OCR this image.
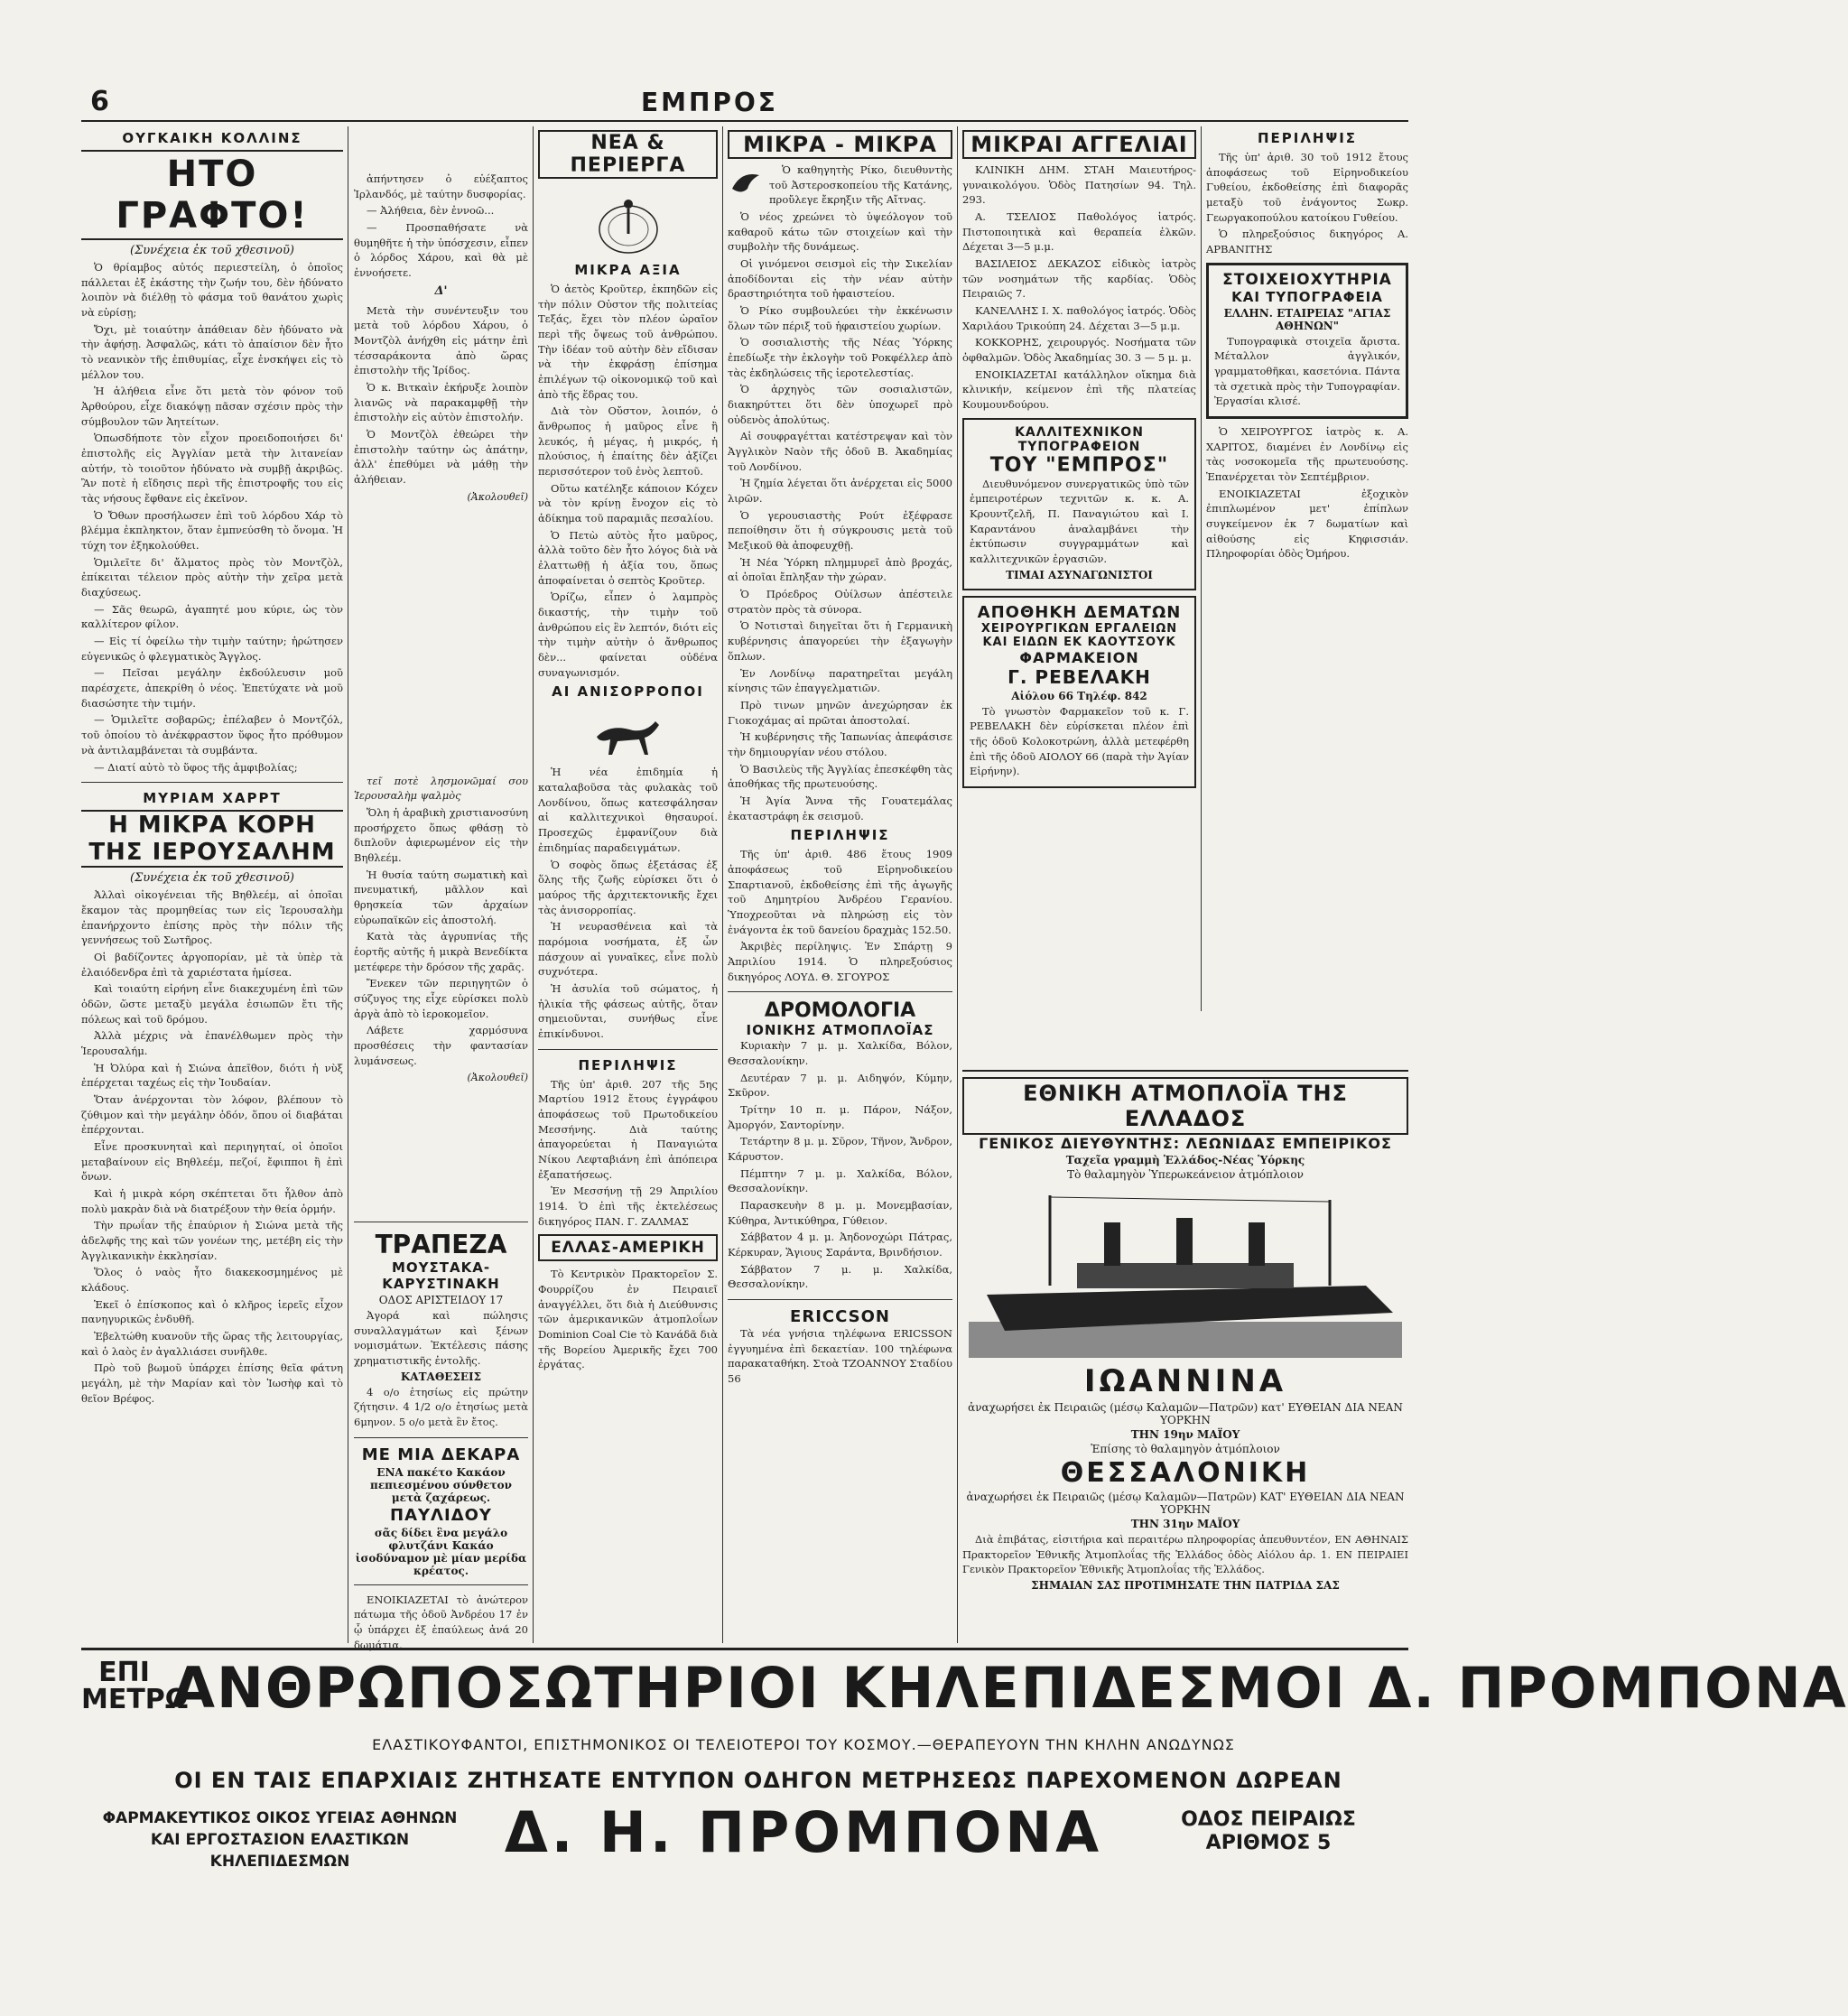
6	ΕΜΠΡΟΣ
ΟΥΓΚΑΙΚΗ ΚΟΛΛΙΝΣ
ΗΤΟ ΓΡΑΦΤΟ!
(Συνέχεια ἐκ τοῦ χθεσινοῦ)

Ὁ θρίαμβος αὐτός περιεστείλη, ὁ ὁποῖος πάλλεται ἐξ ἐκάστης τὴν ζωήν του, δὲν ἠδύνατο λοιπὸν νὰ διέλθῃ τὸ φάσμα τοῦ θανάτου χωρὶς νὰ εὑρίσῃ;

Ὄχι, μὲ τοιαύτην ἀπάθειαν δὲν ἠδύνατο νὰ τὴν ἀφήσῃ. Ἀσφαλῶς, κάτι τὸ ἀπαίσιον δὲν ἦτο τὸ νεανικὸν τῆς ἐπιθυμίας, εἶχε ἐνσκήψει εἰς τὸ μέλλον του.

Ἡ ἀλήθεια εἶνε ὅτι μετὰ τὸν φόνον τοῦ Ἀρθούρου, εἶχε διακόψῃ πᾶσαν σχέσιν πρὸς τὴν σύμβουλον τῶν Ἀητείτων.

Ὁπωσδήποτε τὸν εἶχον προειδοποιήσει δι' ἐπιστολῆς εἰς Ἀγγλίαν μετὰ τὴν λιτανείαν αὐτήν, τὸ τοιοῦτον ἠδύνατο νὰ συμβῇ ἀκριβῶς. Ἂν ποτὲ ἡ εἴδησις περὶ τῆς ἐπιστροφῆς του εἰς τὰς νήσους ἔφθανε εἰς ἐκεῖνον.

Ὁ Ὄθων προσήλωσεν ἐπὶ τοῦ λόρδου Χάρ τὸ βλέμμα ἐκπληκτον, ὅταν ἐμπνεύσθη τὸ ὄνομα. Ἡ τύχη τον ἐξηκολούθει.

Ὁμιλεῖτε δι' ἄλματος πρὸς τὸν Μοντζὸλ, ἐπίκειται τέλειον πρὸς αὐτὴν τὴν χεῖρα μετὰ διαχύσεως.

— Σᾶς θεωρῶ, ἀγαπητέ μου κύριε, ὡς τὸν καλλίτερον φίλον.

— Εἰς τί ὀφείλω τὴν τιμὴν ταύτην; ἠρώτησεν εὐγενικῶς ὁ φλεγματικὸς Ἄγγλος.

— Πεῖσαι μεγάλην ἐκδούλευσιν μοῦ παρέσχετε, ἀπεκρίθη ὁ νέος. Ἐπετύχατε νὰ μοῦ διασώσητε τὴν τιμήν.

— Ὁμιλεῖτε σοβαρῶς; ἐπέλαβεν ὁ Μοντζόλ, τοῦ ὁποίου τὸ ἀνέκφραστον ὕφος ἦτο πρόθυμον νὰ ἀντιλαμβάνεται τὰ συμβάντα.

— Διατί αὐτὸ τὸ ὕφος τῆς ἀμφιβολίας;

ΜΥΡΙΑΜ ΧΑΡΡΤ
Η ΜΙΚΡΑ ΚΟΡΗ ΤΗΣ ΙΕΡΟΥΣΑΛΗΜ
(Συνέχεια ἐκ τοῦ χθεσινοῦ)

Ἀλλαὶ οἰκογένειαι τῆς Βηθλεέμ, αἱ ὁποῖαι ἔκαμον τὰς προμηθείας των εἰς Ἱερουσαλὴμ ἐπανήρχοντο ἐπίσης πρὸς τὴν πόλιν τῆς γεννήσεως τοῦ Σωτῆρος.

Οἱ βαδίζοντες ἀργοπορίαν, μὲ τὰ ὑπὲρ τὰ ἐλαιόδενδρα ἐπὶ τὰ χαριέστατα ἡμίσεα.

Καὶ τοιαύτη εἰρήνη εἶνε διακεχυμένη ἐπὶ τῶν ὁδῶν, ὥστε μεταξὺ μεγάλα ἐσιωπῶν ἔτι τῆς πόλεως καὶ τοῦ δρόμου.

Ἀλλὰ μέχρις νὰ ἐπανέλθωμεν πρὸς τὴν Ἱερουσαλήμ.

Ἡ Ὀλύρα καὶ ἡ Σιώνα ἀπεῖθον, διότι ἡ νὺξ ἐπέρχεται ταχέως εἰς τὴν Ἰουδαίαν.

Ὅταν ἀνέρχονται τὸν λόφον, βλέπουν τὸ ζύθιμον καὶ τὴν μεγάλην ὁδόν, ὅπου οἱ διαβάται ἐπέρχονται.

Εἶνε προσκυνηταὶ καὶ περιηγηταί, οἱ ὁποῖοι μεταβαίνουν εἰς Βηθλεέμ, πεζοί, ἔφιπποι ἢ ἐπὶ ὄνων.

Καὶ ἡ μικρὰ κόρη σκέπτεται ὅτι ἦλθον ἀπὸ πολὺ μακρὰν διὰ νὰ διατρέξουν τὴν θεία ὁρμήν.

Τὴν πρωΐαν τῆς ἐπαύριον ἡ Σιώνα μετὰ τῆς ἀδελφῆς της καὶ τῶν γονέων της, μετέβη εἰς τὴν Ἀγγλικανικὴν ἐκκλησίαν.

Ὅλος ὁ ναὸς ἦτο διακεκοσμημένος μὲ κλάδους.

Ἐκεῖ ὁ ἐπίσκοπος καὶ ὁ κλῆρος ἱερεῖς εἶχον πανηγυρικῶς ἐνδυθῆ.

Ἐβελτώθη κυανοῦν τῆς ὥρας τῆς λειτουργίας, καὶ ὁ λαὸς ἐν ἀγαλλιάσει συνῆλθε.

Πρὸ τοῦ βωμοῦ ὑπάρχει ἐπίσης θεῖα φάτνη μεγάλη, μὲ τὴν Μαρίαν καὶ τὸν Ἰωσὴφ καὶ τὸ θεῖον Βρέφος.

ἀπήντησεν ὁ εὐέξαπτος Ἰρλανδός, μὲ ταύτην δυσφορίας.

— Ἀλήθεια, δὲν ἐννοῶ...

— Προσπαθήσατε νὰ θυμηθῆτε ἡ τὴν ὑπόσχεσιν, εἶπεν ὁ λόρδος Χάρου, καὶ θὰ μὲ ἐννοήσετε.

Δ'

Μετὰ τὴν συνέντευξιν του μετὰ τοῦ λόρδου Χάρου, ὁ Μοντζὸλ ἀνήχθη εἰς μάτην ἐπὶ τέσσαράκοντα ἀπὸ ὥρας ἐπιστολὴν τῆς Ἰρίδος.

Ὁ κ. Βιτκαὶν ἐκήρυξε λοιπὸν λιανῶς νὰ παρακαμφθῇ τὴν ἐπιστολὴν εἰς αὐτὸν ἐπιστολήν.

Ὁ Μοντζὸλ ἐθεώρει τὴν ἐπιστολὴν ταύτην ὡς ἀπάτην, ἀλλ' ἐπεθύμει νὰ μάθῃ τὴν ἀλήθειαν.

(Ἀκολουθεῖ)

τεῖ ποτὲ λησμονῶμαί σου Ἱερουσαλὴμ ψαλμὸς

Ὅλη ἡ ἀραβικὴ χριστιανοσύνη προσήρχετο ὅπως φθάσῃ τὸ διπλοῦν ἀφιερωμένον εἰς τὴν Βηθλεέμ.

Ἡ θυσία ταύτη σωματικὴ καὶ πνευματική, μᾶλλον καὶ θρησκεία τῶν ἀρχαίων εὐρωπαϊκῶν εἰς ἀποστολή.

Κατὰ τὰς ἀγρυπνίας τῆς ἑορτῆς αὐτῆς ἡ μικρὰ Βενεδίκτα μετέφερε τὴν δρόσον τῆς χαρᾶς.

Ἔνεκεν τῶν περιηγητῶν ὁ σύζυγος της εἶχε εὑρίσκει πολὺ ἀργὰ ἀπὸ τὸ ἱεροκομεῖον.

Λάβετε χαρμόσυνα προσθέσεις τὴν φαντασίαν λυμάνσεως.

(Ἀκολουθεῖ)
ΝΕΑ & ΠΕΡΙΕΡΓΑ
ΜΙΚΡΑ ΑΞΙΑ

Ὁ ἀετὸς Κροῦτερ, ἐκπηδῶν εἰς τὴν πόλιν Οὐστον τῆς πολιτείας Τεξάς, ἔχει τὸν πλέον ὡραῖον περὶ τῆς ὄψεως τοῦ ἀνθρώπου. Τὴν ἰδέαν τοῦ αὐτὴν δὲν εἴδισαν νὰ τὴν ἐκφράσῃ ἐπίσημα ἐπιλέγων τῷ οἰκονομικῷ τοῦ καὶ ἀπὸ τῆς ἕδρας του.

Διὰ τὸν Οὔστον, λοιπόν, ὁ ἄνθρωπος ἡ μαῦρος εἶνε ἢ λευκός, ἡ μέγας, ἡ μικρός, ἡ πλούσιος, ἡ ἐπαίτης δὲν ἀξίζει περισσότερον τοῦ ἑνὸς λεπτοῦ.

Οὕτω κατέληξε κάποιον Κόχεν νὰ τὸν κρίνῃ ἔνοχον εἰς τὸ ἀδίκημα τοῦ παραμιᾶς πεσαλίου.

Ὁ Πετὼ αὐτὸς ἦτο μαῦρος, ἀλλὰ τοῦτο δὲν ἦτο λόγος διὰ νὰ ἐλαττωθῇ ἡ ἀξία του, ὅπως ἀποφαίνεται ὁ σεπτὸς Κροῦτερ.

Ὁρίζω, εἶπεν ὁ λαμπρὸς δικαστής, τὴν τιμὴν τοῦ ἀνθρώπου εἰς ἓν λεπτόν, διότι εἰς τὴν τιμὴν αὐτὴν ὁ ἄνθρωπος δὲν... φαίνεται οὐδένα συναγωνισμόν.

ΑΙ ΑΝΙΣΟΡΡΟΠΟΙ

Ἡ νέα ἐπιδημία ἡ καταλαβοῦσα τὰς φυλακὰς τοῦ Λονδίνου, ὅπως κατεσφάλησαν αἱ καλλιτεχνικοὶ θησαυροί. Προσεχῶς ἐμφανίζουν διὰ ἐπιδημίας παραδειγμάτων.

Ὁ σοφὸς ὅπως ἐξετάσας ἐξ ὅλης τῆς ζωῆς εὑρίσκει ὅτι ὁ μαύρος τῆς ἀρχιτεκτονικῆς ἔχει τὰς ἀνισορροπίας.

Ἡ νευρασθένεια καὶ τὰ παρόμοια νοσήματα, ἐξ ὧν πάσχουν αἱ γυναῖκες, εἶνε πολὺ συχνότερα.

Ἡ ἀσυλία τοῦ σώματος, ἡ ἡλικία τῆς φάσεως αὐτῆς, ὅταν σημειοῦνται, συνήθως εἶνε ἐπικίνδυνοι.

ΠΕΡΙΛΗΨΙΣ

Τῆς ὑπ' ἀριθ. 207 τῆς 5ης Μαρτίου 1912 ἔτους ἐγγράφου ἀποφάσεως τοῦ Πρωτοδικείου Μεσσήνης. Διὰ ταύτης ἀπαγορεύεται ἡ Παναγιώτα Νίκου Λεφταβιάνη ἐπὶ ἀπόπειρα ἐξαπατήσεως.

Ἐν Μεσσήνῃ τῇ 29 Ἀπριλίου 1914. Ὁ ἐπὶ τῆς ἐκτελέσεως δικηγόρος ΠΑΝ. Γ. ΖΑΛΜΑΣ

ΕΛΛΑΣ-ΑΜΕΡΙΚΗ

Τὸ Κεντρικὸν Πρακτορεῖον Σ. Φουρρίζου ἐν Πειραιεῖ ἀναγγέλλει, ὅτι διὰ ἡ Διεύθυνσις τῶν ἀμερικανικῶν ἀτμοπλοΐων Dominion Coal Cie τὸ Κανάδᾶ διὰ τῆς Βορείου Ἀμερικῆς ἔχει 700 ἐργάτας.

ΤΡΑΠΕΖΑ
ΜΟΥΣΤΑΚΑ-ΚΑΡΥΣΤΙΝΑΚΗ
ΟΔΟΣ ΑΡΙΣΤΕΙΔΟΥ 17

Ἀγορά καὶ πώλησις συναλλαγμάτων καὶ ξένων νομισμάτων. Ἐκτέλεσις πάσης χρηματιστικῆς ἐντολῆς.

ΚΑΤΑΘΕΣΕΙΣ

4 ο/ο ἐτησίως εἰς πρώτην ζήτησιν. 4 1/2 ο/ο ἐτησίως μετὰ 6μηνον. 5 ο/ο μετὰ ἓν ἔτος.

ΜΕ ΜΙΑ ΔΕΚΑΡΑ
ΕΝΑ πακέτο Κακάον πεπιεσμένου σύνθετον μετὰ ζαχάρεως.
ΠΑΥΛΙΔΟΥ
σᾶς δίδει ἓνα μεγάλο φλυτζάνι Κακάο ἰσοδύναμον μὲ μίαν μερίδα κρέατος.

ΕΝΟΙΚΙΑΖΕΤΑΙ τὸ ἀνώτερον πάτωμα τῆς ὁδοῦ Ἀνδρέου 17 ἐν ᾧ ὑπάρχει ἐξ ἐπαύλεως ἀνά 20 δωμάτια.

ΜΙΚΡΑ - ΜΙΚΡΑ

Ὁ καθηγητὴς Ρίκο, διευθυντὴς τοῦ Ἀστεροσκοπείου τῆς Κατάνης, προὔλεγε ἔκρηξιν τῆς Αἴτνας.

Ὁ νέος χρεώνει τὸ ὑψεόλογον τοῦ καθαροῦ κάτω τῶν στοιχείων καὶ τὴν συμβολὴν τῆς δυνάμεως.

Οἱ γινόμενοι σεισμοὶ εἰς τὴν Σικελίαν ἀποδίδονται εἰς τὴν νέαν αὐτὴν δραστηριότητα τοῦ ἡφαιστείου.

Ὁ Ρίκο συμβουλεύει τὴν ἐκκένωσιν ὅλων τῶν πέριξ τοῦ ἡφαιστείου χωρίων.

Ὁ σοσιαλιστὴς τῆς Νέας Ὑόρκης ἐπεδίωξε τὴν ἐκλογὴν τοῦ Ροκφέλλερ ἀπὸ τὰς ἐκδηλώσεις τῆς ἱεροτελεστίας.

Ὁ ἀρχηγὸς τῶν σοσιαλιστῶν, διακηρύττει ὅτι δὲν ὑποχωρεῖ πρὸ οὐδενὸς ἀπολύτως.

Αἱ σουφραγέτται κατέστρεψαν καὶ τὸν Ἀγγλικὸν Ναὸν τῆς ὁδοῦ Β. Ἀκαδημίας τοῦ Λονδίνου.

Ἡ ζημία λέγεται ὅτι ἀνέρχεται εἰς 5000 λιρῶν.

Ὁ γερουσιαστὴς Ρούτ ἐξέφρασε πεποίθησιν ὅτι ἡ σύγκρουσις μετὰ τοῦ Μεξικοῦ θὰ ἀποφευχθῇ.

Ἡ Νέα Ὑόρκη πλημμυρεῖ ἀπὸ βροχάς, αἱ ὁποῖαι ἔπληξαν τὴν χώραν.

Ὁ Πρόεδρος Οὐίλσων ἀπέστειλε στρατὸν πρὸς τὰ σύνορα.

Ὁ Νοτισταὶ διηγεῖται ὅτι ἡ Γερμανικὴ κυβέρνησις ἀπαγορεύει τὴν ἐξαγωγὴν ὅπλων.

Ἐν Λονδίνῳ παρατηρεῖται μεγάλη κίνησις τῶν ἐπαγγελματιῶν.

Πρὸ τινων μηνῶν ἀνεχώρησαν ἐκ Γιοκοχάμας αἱ πρῶται ἀποστολαί.

Ἡ κυβέρνησις τῆς Ἰαπωνίας ἀπεφάσισε τὴν δημιουργίαν νέου στόλου.

Ὁ Βασιλεὺς τῆς Ἀγγλίας ἐπεσκέφθη τὰς ἀποθήκας τῆς πρωτευούσης.

Ἡ Ἀγία Ἄννα τῆς Γουατεμάλας ἐκαταστράφη ἐκ σεισμοῦ.

ΠΕΡΙΛΗΨΙΣ

Τῆς ὑπ' ἀριθ. 486 ἔτους 1909 ἀποφάσεως τοῦ Εἰρηνοδικείου Σπαρτιανοῦ, ἐκδοθείσης ἐπὶ τῆς ἀγωγῆς τοῦ Δημητρίου Ἀνδρέου Γερανίου. Ὑποχρεοῦται νὰ πληρώσῃ εἰς τὸν ἐνάγοντα ἐκ τοῦ δανείου δραχμὰς 152.50.

Ἀκριβὲς περίληψις. Ἐν Σπάρτῃ 9 Ἀπριλίου 1914. Ὁ πληρεξούσιος δικηγόρος ΛΟΥΔ. Θ. ΣΓΟΥΡΟΣ

ΔΡΟΜΟΛΟΓΙΑ
ΙΟΝΙΚΗΣ ΑΤΜΟΠΛΟΪΑΣ

Κυριακὴν 7 μ. μ. Χαλκίδα, Βόλον, Θεσσαλονίκην.

Δευτέραν 7 μ. μ. Αιδηψόν, Κύμην, Σκῦρον.

Τρίτην 10 π. μ. Πάρον, Νάξον, Ἀμοργόν, Σαντορίνην.

Τετάρτην 8 μ. μ. Σῦρον, Τῆνον, Ἄνδρον, Κάρυστον.

Πέμπτην 7 μ. μ. Χαλκίδα, Βόλον, Θεσσαλονίκην.

Παρασκευὴν 8 μ. μ. Μονεμβασίαν, Κύθηρα, Ἀντικύθηρα, Γύθειον.

Σάββατον 4 μ. μ. Ἀηδονοχώρι Πάτρας, Κέρκυραν, Ἅγιους Σαράντα, Βρινδήσιον.

Σάββατον 7 μ. μ. Χαλκίδα, Θεσσαλονίκην.

ERICCSON

Τὰ νέα γνήσια τηλέφωνα ERICSSON ἐγγυημένα ἐπὶ δεκαετίαν. 100 τηλέφωνα παρακαταθήκη. Στοὰ ΤΖΟΑΝΝΟΥ Σταδίου 56

ΜΙΚΡΑΙ ΑΓΓΕΛΙΑΙ

ΚΛΙΝΙΚΗ ΔΗΜ. ΣΤΑΗ Μαιευτήρος-γυναικολόγου. Ὁδὸς Πατησίων 94. Τηλ. 293.

Α. ΤΣΕΛΙΟΣ Παθολόγος ἰατρός. Πιστοποιητικὰ καὶ θεραπεία ἐλκῶν. Δέχεται 3—5 μ.μ.

ΒΑΣΙΛΕΙΟΣ ΔΕΚΑΖΟΣ εἰδικὸς ἰατρὸς τῶν νοσημάτων τῆς καρδίας. Ὁδὸς Πειραιῶς 7.

ΚΑΝΕΛΛΗΣ Ι. Χ. παθολόγος ἰατρός. Ὁδὸς Χαριλάου Τρικούπη 24. Δέχεται 3—5 μ.μ.

ΚΟΚΚΟΡΗΣ, χειρουργός. Νοσήματα τῶν ὀφθαλμῶν. Ὁδὸς Ἀκαδημίας 30. 3 — 5 μ. μ.

ΕΝΟΙΚΙΑΖΕΤΑΙ κατάλληλον οἴκημα διὰ κλινικήν, κείμενον ἐπὶ τῆς πλατείας Κουμουνδούρου.

ΚΑΛΛΙΤΕΧΝΙΚΟΝ ΤΥΠΟΓΡΑΦΕΙΟΝ
ΤΟΥ "ΕΜΠΡΟΣ"

Διευθυνόμενον συνεργατικῶς ὑπὸ τῶν ἐμπειροτέρων τεχνιτῶν κ. κ. Α. Κρουντζελῆ, Π. Παναγιώτου καὶ Ι. Καραντάνου ἀναλαμβάνει τὴν ἐκτύπωσιν συγγραμμάτων καὶ καλλιτεχνικῶν ἐργασιῶν.

ΤΙΜΑΙ ΑΣΥΝΑΓΩΝΙΣΤΟΙ
ΑΠΟΘΗΚΗ ΔΕΜΑΤΩΝ
ΧΕΙΡΟΥΡΓΙΚΩΝ ΕΡΓΑΛΕΙΩΝ ΚΑΙ ΕΙΔΩΝ ΕΚ ΚΑΟΥΤΣΟΥΚ
ΦΑΡΜΑΚΕΙΟΝ
Γ. ΡΕΒΕΛΑΚΗ
Αἰόλου 66 Τηλέφ. 842

Τὸ γνωστὸν Φαρμακεῖον τοῦ κ. Γ. ΡΕΒΕΛΑΚΗ δὲν εὑρίσκεται πλέον ἐπὶ τῆς ὁδοῦ Κολοκοτρώνη, ἀλλὰ μετεφέρθη ἐπὶ τῆς ὁδοῦ ΑΙΟΛΟΥ 66 (παρὰ τὴν Ἁγίαν Εἰρήνην).

ΠΕΡΙΛΗΨΙΣ

Τῆς ὑπ' ἀριθ. 30 τοῦ 1912 ἔτους ἀποφάσεως τοῦ Εἰρηνοδικείου Γυθείου, ἐκδοθείσης ἐπὶ διαφορᾶς μεταξὺ τοῦ ἐνάγοντος Σωκρ. Γεωργακοπούλου κατοίκου Γυθείου.

Ὁ πληρεξούσιος δικηγόρος Α. ΑΡΒΑΝΙΤΗΣ

ΣΤΟΙΧΕΙΟΧΥΤΗΡΙΑ
ΚΑΙ ΤΥΠΟΓΡΑΦΕΙΑ
ΕΛΛΗΝ. ΕΤΑΙΡΕΙΑΣ "ΑΓΙΑΣ ΑΘΗΝΩΝ"

Τυπογραφικὰ στοιχεῖα ἄριστα. Μέταλλον ἀγγλικόν, γραμματοθῆκαι, κασετόνια. Πάντα τὰ σχετικὰ πρὸς τὴν Τυπογραφίαν. Ἐργασίαι κλισέ.

Ὁ ΧΕΙΡΟΥΡΓΟΣ ἰατρὸς κ. Α. ΧΑΡΙΤΟΣ, διαμένει ἐν Λονδίνῳ εἰς τὰς νοσοκομεῖα τῆς πρωτευούσης. Ἐπανέρχεται τὸν Σεπτέμβριον.

ΕΝΟΙΚΙΑΖΕΤΑΙ ἐξοχικὸν ἐπιπλωμένον μετ' ἐπίπλων συγκείμενον ἐκ 7 δωματίων καὶ αἰθούσης εἰς Κηφισσιάν. Πληροφορίαι ὁδὸς Ὀμήρου.

ΕΘΝΙΚΗ ΑΤΜΟΠΛΟΪΑ ΤΗΣ ΕΛΛΑΔΟΣ
ΓΕΝΙΚΟΣ ΔΙΕΥΘΥΝΤΗΣ: ΛΕΩΝΙΔΑΣ ΕΜΠΕΙΡΙΚΟΣ
Ταχεῖα γραμμὴ Ἑλλάδος-Νέας Ὑόρκης
Τὸ θαλαμηγὸν Ὑπερωκεάνειον ἀτμόπλοιον
ΙΩΑΝΝΙΝΑ
ἀναχωρήσει ἐκ Πειραιῶς (μέσῳ Καλαμῶν—Πατρῶν) κατ' ΕΥΘΕΙΑΝ ΔΙΑ ΝΕΑΝ ΥΟΡΚΗΝ
ΤΗΝ 19ην ΜΑΪΟΥ
Ἐπίσης τὸ θαλαμηγὸν ἀτμόπλοιον
ΘΕΣΣΑΛΟΝΙΚΗ
ἀναχωρήσει ἐκ Πειραιῶς (μέσῳ Καλαμῶν—Πατρῶν) ΚΑΤ' ΕΥΘΕΙΑΝ ΔΙΑ ΝΕΑΝ ΥΟΡΚΗΝ
ΤΗΝ 31ην ΜΑΪΟΥ

Διὰ ἐπιβάτας, εἰσιτήρια καὶ περαιτέρω πληροφορίας ἀπευθυντέον, ΕΝ ΑΘΗΝΑΙΣ Πρακτορεῖον Ἐθνικῆς Ἀτμοπλοΐας τῆς Ἑλλάδος ὁδὸς Αἰόλου ἀρ. 1. ΕΝ ΠΕΙΡΑΙΕΙ Γενικὸν Πρακτορεῖον Ἐθνικῆς Ἀτμοπλοΐας τῆς Ἑλλάδος.

ΣΗΜΑΙΑΝ ΣΑΣ ΠΡΟΤΙΜΗΣΑΤΕ ΤΗΝ ΠΑΤΡΙΔΑ ΣΑΣ
ΕΠΙ ΜΕΤΡΩ
ΑΝΘΡΩΠΟΣΩΤΗΡΙΟΙ ΚΗΛΕΠΙΔΕΣΜΟΙ Δ. ΠΡΟΜΠΟΝΑ
ΕΛΑΣΤΙΚΟΥΦΑΝΤΟΙ, ΕΠΙΣΤΗΜΟΝΙΚΟΣ ΟΙ ΤΕΛΕΙΟΤΕΡΟΙ ΤΟΥ ΚΟΣΜΟΥ.—ΘΕΡΑΠΕΥΟΥΝ ΤΗΝ ΚΗΛΗΝ ΑΝΩΔΥΝΩΣ
ΟΙ ΕΝ ΤΑΙΣ ΕΠΑΡΧΙΑΙΣ ΖΗΤΗΣΑΤΕ ΕΝΤΥΠΟΝ ΟΔΗΓΟΝ ΜΕΤΡΗΣΕΩΣ ΠΑΡΕΧΟΜΕΝΟΝ ΔΩΡΕΑΝ
ΦΑΡΜΑΚΕΥΤΙΚΟΣ ΟΙΚΟΣ ΥΓΕΙΑΣ ΑΘΗΝΩΝ ΚΑΙ ΕΡΓΟΣΤΑΣΙΟΝ ΕΛΑΣΤΙΚΩΝ ΚΗΛΕΠΙΔΕΣΜΩΝ	Δ. Η. ΠΡΟΜΠΟΝΑ	ΟΔΟΣ ΠΕΙΡΑΙΩΣ ΑΡΙΘΜΟΣ 5
